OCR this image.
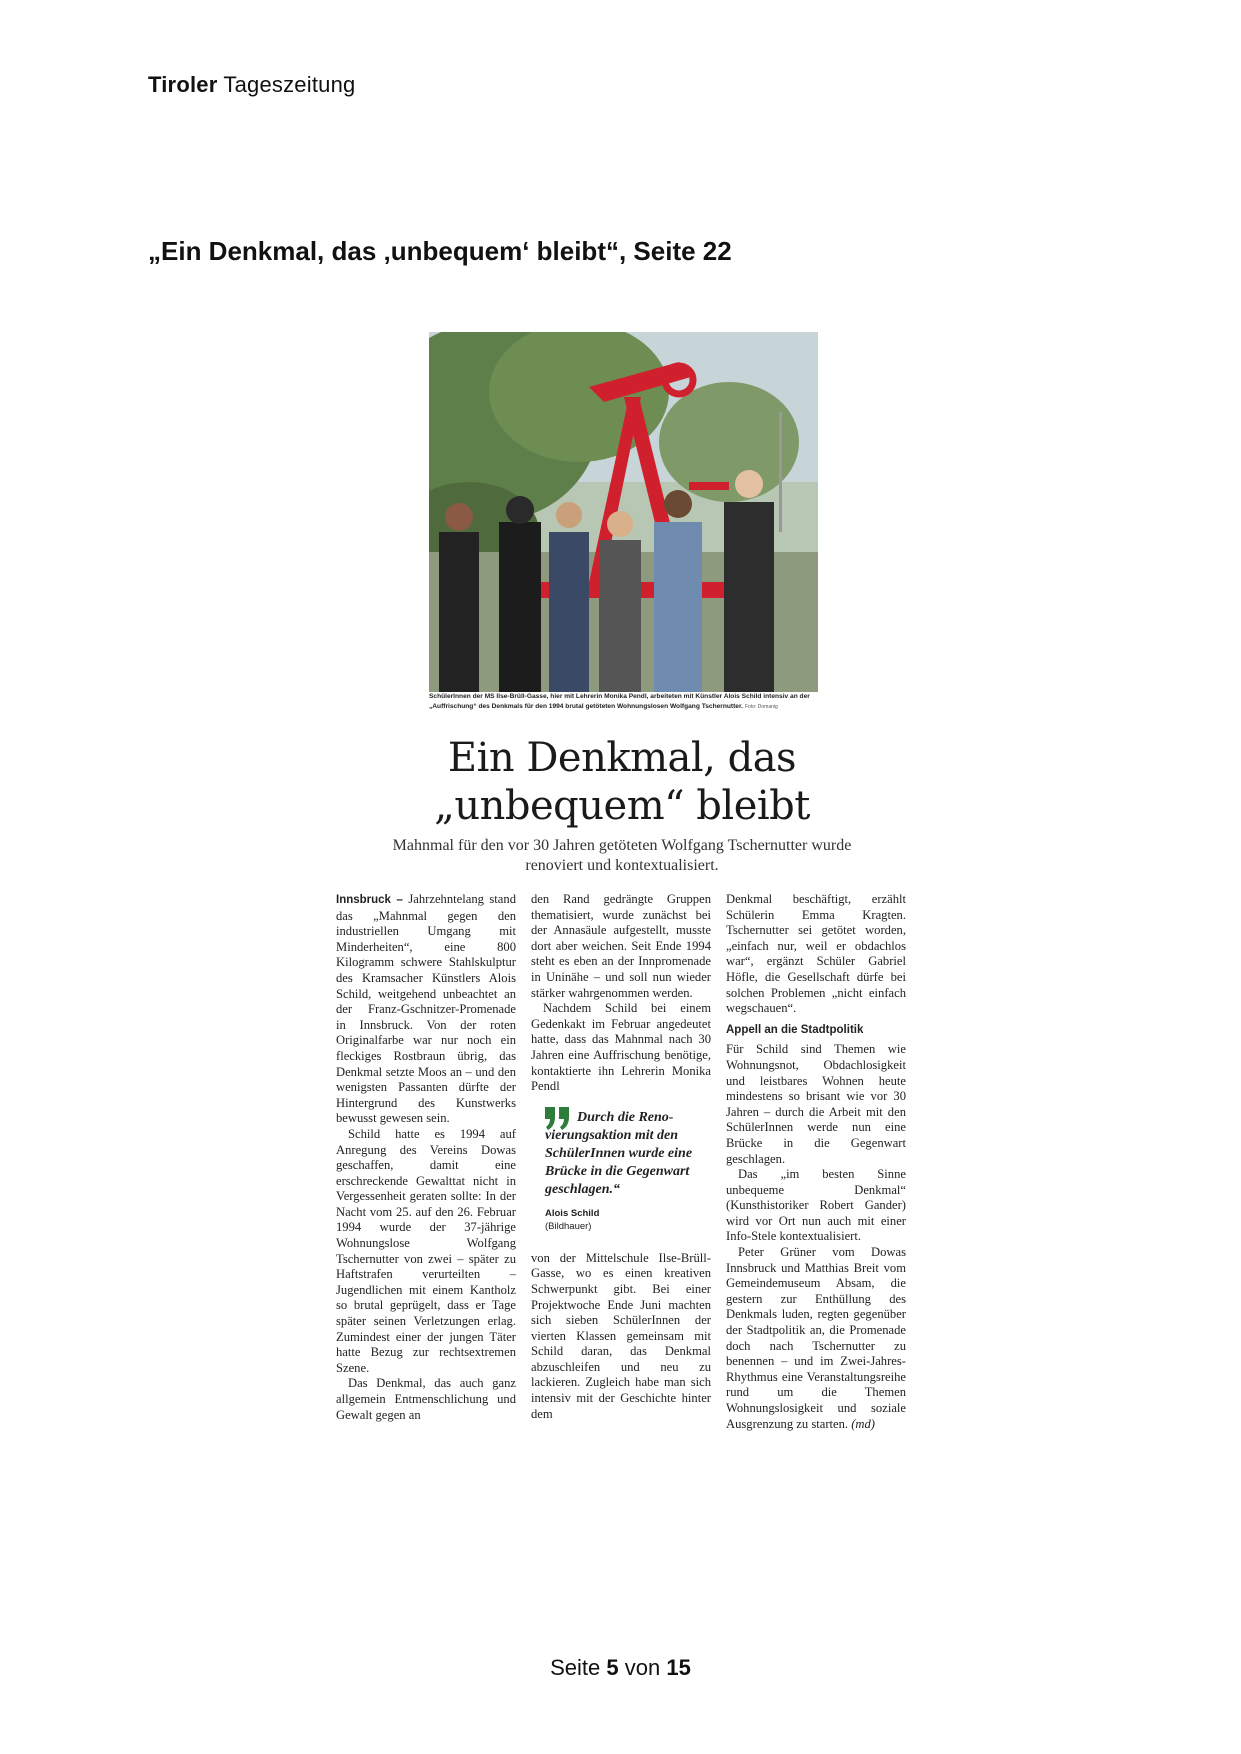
Tiroler Tageszeitung
„Ein Denkmal, das ‚unbequem‘ bleibt“, Seite 22
SchülerInnen der MS Ilse-Brüll-Gasse, hier mit Lehrerin Monika Pendl, arbeiteten mit Künstler Alois Schild intensiv an der „Auffrischung“ des Denkmals für den 1994 brutal getöteten Wohnungslosen Wolfgang Tschernutter. Foto: Domanig
Ein Denkmal, das
„unbequem“ bleibt
Mahnmal für den vor 30 Jahren getöteten Wolfgang Tschernutter wurde renoviert und kontextualisiert.

Innsbruck – Jahrzehntelang stand das „Mahnmal gegen den industriellen Umgang mit Minderheiten“, eine 800 Kilogramm schwere Stahlskulptur des Kramsacher Künstlers Alois Schild, weitgehend unbeachtet an der Franz-Gschnitzer-Promenade in Innsbruck. Von der roten Originalfarbe war nur noch ein fleckiges Rostbraun übrig, das Denkmal setzte Moos an – und den wenigsten Passanten dürfte der Hintergrund des Kunstwerks bewusst gewesen sein.

Schild hatte es 1994 auf Anregung des Vereins Dowas geschaffen, damit eine erschreckende Gewalttat nicht in Vergessenheit geraten sollte: In der Nacht vom 25. auf den 26. Februar 1994 wurde der 37-jährige Wohnungslose Wolfgang Tschernutter von zwei – später zu Haftstrafen verurteilten – Jugendlichen mit einem Kantholz so brutal geprügelt, dass er Tage später seinen Verletzungen erlag. Zumindest einer der jungen Täter hatte Bezug zur rechtsextremen Szene.

Das Denkmal, das auch ganz allgemein Entmenschlichung und Gewalt gegen an

den Rand gedrängte Gruppen thematisiert, wurde zunächst bei der Annasäule aufgestellt, musste dort aber weichen. Seit Ende 1994 steht es eben an der Innpromenade in Uninähe – und soll nun wieder stärker wahrgenommen werden.

Nachdem Schild bei einem Gedenkakt im Februar angedeutet hatte, dass das Mahnmal nach 30 Jahren eine Auffrischung benötige, kontaktierte ihn Lehrerin Monika Pendl

Durch die Reno- vierungsaktion mit den SchülerInnen wurde eine Brücke in die Gegenwart geschlagen.“
Alois Schild
(Bildhauer)

von der Mittelschule Ilse-Brüll-Gasse, wo es einen kreativen Schwerpunkt gibt. Bei einer Projektwoche Ende Juni machten sich sieben SchülerInnen der vierten Klassen gemeinsam mit Schild daran, das Denkmal abzuschleifen und neu zu lackieren. Zugleich habe man sich intensiv mit der Geschichte hinter dem

Denkmal beschäftigt, erzählt Schülerin Emma Kragten. Tschernutter sei getötet worden, „einfach nur, weil er obdachlos war“, ergänzt Schüler Gabriel Höfle, die Gesellschaft dürfe bei solchen Problemen „nicht einfach wegschauen“.

Appell an die Stadtpolitik

Für Schild sind Themen wie Wohnungsnot, Obdachlosigkeit und leistbares Wohnen heute mindestens so brisant wie vor 30 Jahren – durch die Arbeit mit den SchülerInnen werde nun eine Brücke in die Gegenwart geschlagen.

Das „im besten Sinne unbequeme Denkmal“ (Kunsthistoriker Robert Gander) wird vor Ort nun auch mit einer Info-Stele kontextualisiert.

Peter Grüner vom Dowas Innsbruck und Matthias Breit vom Gemeindemuseum Absam, die gestern zur Enthüllung des Denkmals luden, regten gegenüber der Stadtpolitik an, die Promenade doch nach Tschernutter zu benennen – und im Zwei-Jahres-Rhythmus eine Veranstaltungsreihe rund um die Themen Wohnungslosigkeit und soziale Ausgrenzung zu starten. (md)

Seite 5 von 15
